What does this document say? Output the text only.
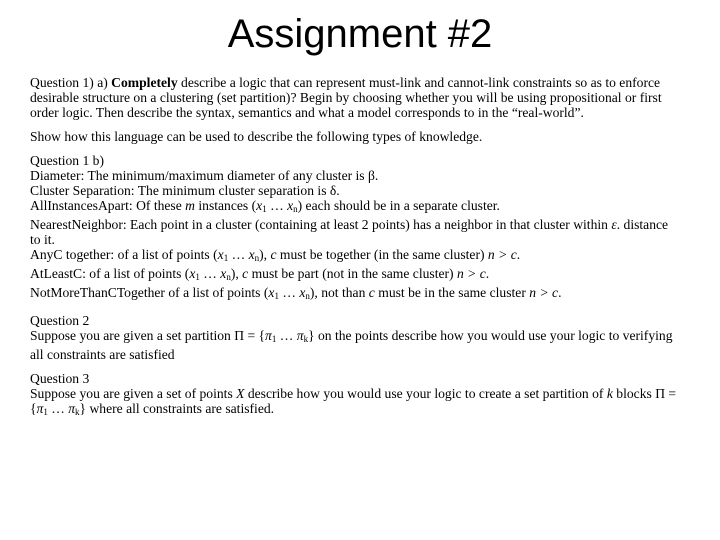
Assignment #2

Question 1) a) Completely describe a logic that can represent must-link and cannot-link constraints so as to enforce desirable structure on a clustering (set partition)? Begin by choosing whether you will be using propositional or first order logic. Then describe the syntax, semantics and what a model corresponds to in the “real-world”.

Show how this language can be used to describe the following types of knowledge.

Question 1 b)

Diameter: The minimum/maximum diameter of any cluster is β.

Cluster Separation: The minimum cluster separation is δ.

AllInstancesApart: Of these m instances ($x_1$ … $x_n$) each should be in a separate cluster.

NearestNeighbor: Each point in a cluster (containing at least 2 points) has a neighbor in that cluster within ε. distance to it.

AnyC together: of a list of points ($x_1$ … $x_n$), c must be together (in the same cluster) n > c.

AtLeastC: of a list of points ($x_1$ … $x_n$), c must be part (not in the same cluster) n > c.

NotMoreThanCTogether of a list of points ($x_1$ … $x_n$), not than c must be in the same cluster n > c.

Question 2

Suppose you are given a set partition $\Pi = \{\pi_1$ … $\pi_k$} on the points describe how you would use your logic to verifying all constraints are satisfied

Question 3

Suppose you are given a set of points X describe how you would use your logic to create a set partition of k blocks $\Pi = \{\pi_1$ … $\pi_k$} where all constraints are satisfied.
